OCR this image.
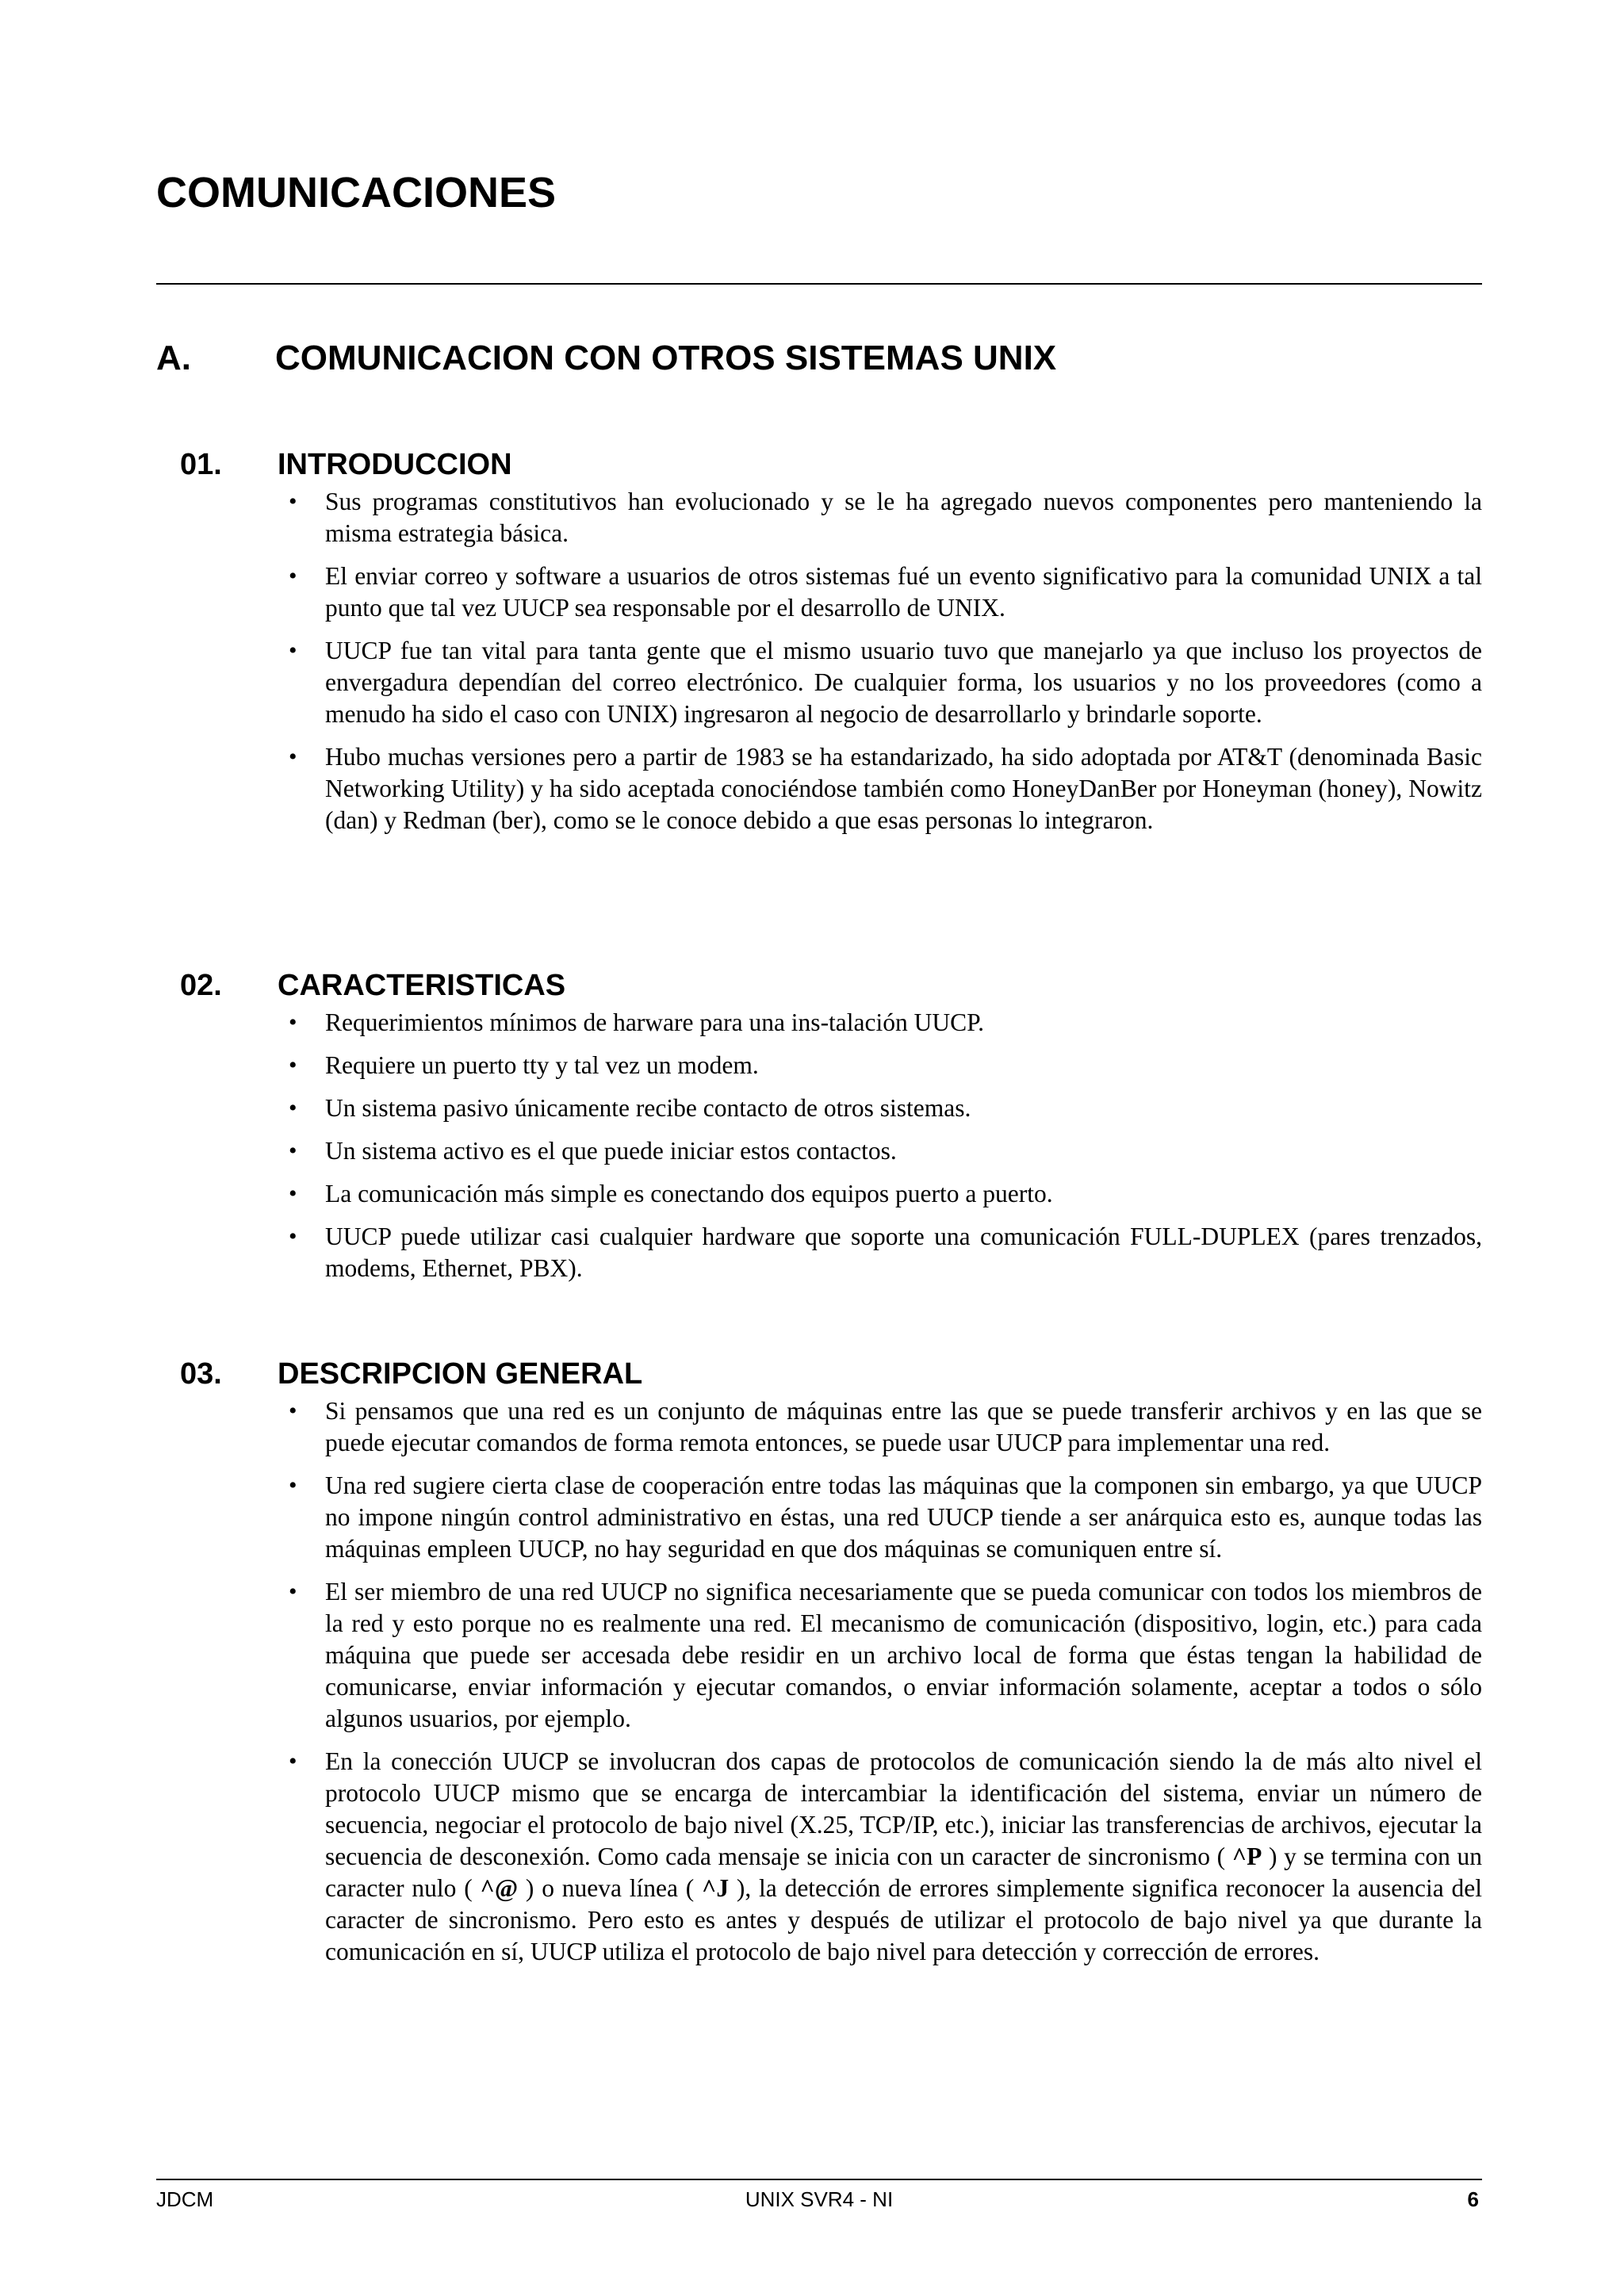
COMUNICACIONES
A. COMUNICACION CON OTROS SISTEMAS UNIX
01. INTRODUCCION
• Sus programas constitutivos han evolucionado y se le ha agregado nuevos componentes pero manteniendo la misma estrategia básica.
• El enviar correo y software a usuarios de otros sistemas fué un evento significativo para la comunidad UNIX a tal punto que tal vez UUCP sea responsable por el desarrollo de UNIX.
• UUCP fue tan vital para tanta gente que el mismo usuario tuvo que manejarlo ya que incluso los proyectos de envergadura dependían del correo electrónico. De cualquier forma, los usuarios y no los proveedores (como a menudo ha sido el caso con UNIX) ingresaron al negocio de desarrollarlo y brindarle soporte.
• Hubo muchas versiones pero a partir de 1983 se ha estandarizado, ha sido adoptada por AT&T (denominada Basic Networking Utility) y ha sido aceptada conociéndose también como HoneyDanBer por Honeyman (honey), Nowitz (dan) y Redman (ber), como se le conoce debido a que esas personas lo integraron.
02. CARACTERISTICAS
• Requerimientos mínimos de harware para una ins-talación UUCP.
• Requiere un puerto tty y tal vez un modem.
• Un sistema pasivo únicamente recibe contacto de otros sistemas.
• Un sistema activo es el que puede iniciar estos contactos.
• La comunicación más simple es conectando dos equipos puerto a puerto.
• UUCP puede utilizar casi cualquier hardware que soporte una comunicación FULL-DUPLEX (pares trenzados, modems, Ethernet, PBX).
03. DESCRIPCION GENERAL
• Si pensamos que una red es un conjunto de máquinas entre las que se puede transferir archivos y en las que se puede ejecutar comandos de forma remota entonces, se puede usar UUCP para implementar una red.
• Una red sugiere cierta clase de cooperación entre todas las máquinas que la componen sin embargo, ya que UUCP no impone ningún control administrativo en éstas, una red UUCP tiende a ser anárquica esto es, aunque todas las máquinas empleen UUCP, no hay seguridad en que dos máquinas se comuniquen entre sí.
• El ser miembro de una red UUCP no significa necesariamente que se pueda comunicar con todos los miembros de la red y esto porque no es realmente una red. El mecanismo de comunicación (dispositivo, login, etc.) para cada máquina que puede ser accesada debe residir en un archivo local de forma que éstas tengan la habilidad de comunicarse, enviar información y ejecutar comandos, o enviar información solamente, aceptar a todos o sólo algunos usuarios, por ejemplo.
• En la conección UUCP se involucran dos capas de protocolos de comunicación siendo la de más alto nivel el protocolo UUCP mismo que se encarga de intercambiar la identificación del sistema, enviar un número de secuencia, negociar el protocolo de bajo nivel (X.25, TCP/IP, etc.), iniciar las transferencias de archivos, ejecutar la secuencia de desconexión. Como cada mensaje se inicia con un caracter de sincronismo ( ^P ) y se termina con un caracter nulo ( ^@ ) o nueva línea ( ^J ), la detección de errores simplemente significa reconocer la ausencia del caracter de sincronismo. Pero esto es antes y después de utilizar el protocolo de bajo nivel ya que durante la comunicación en sí, UUCP utiliza el protocolo de bajo nivel para detección y corrección de errores.
JDCM	UNIX SVR4 - NI	6
